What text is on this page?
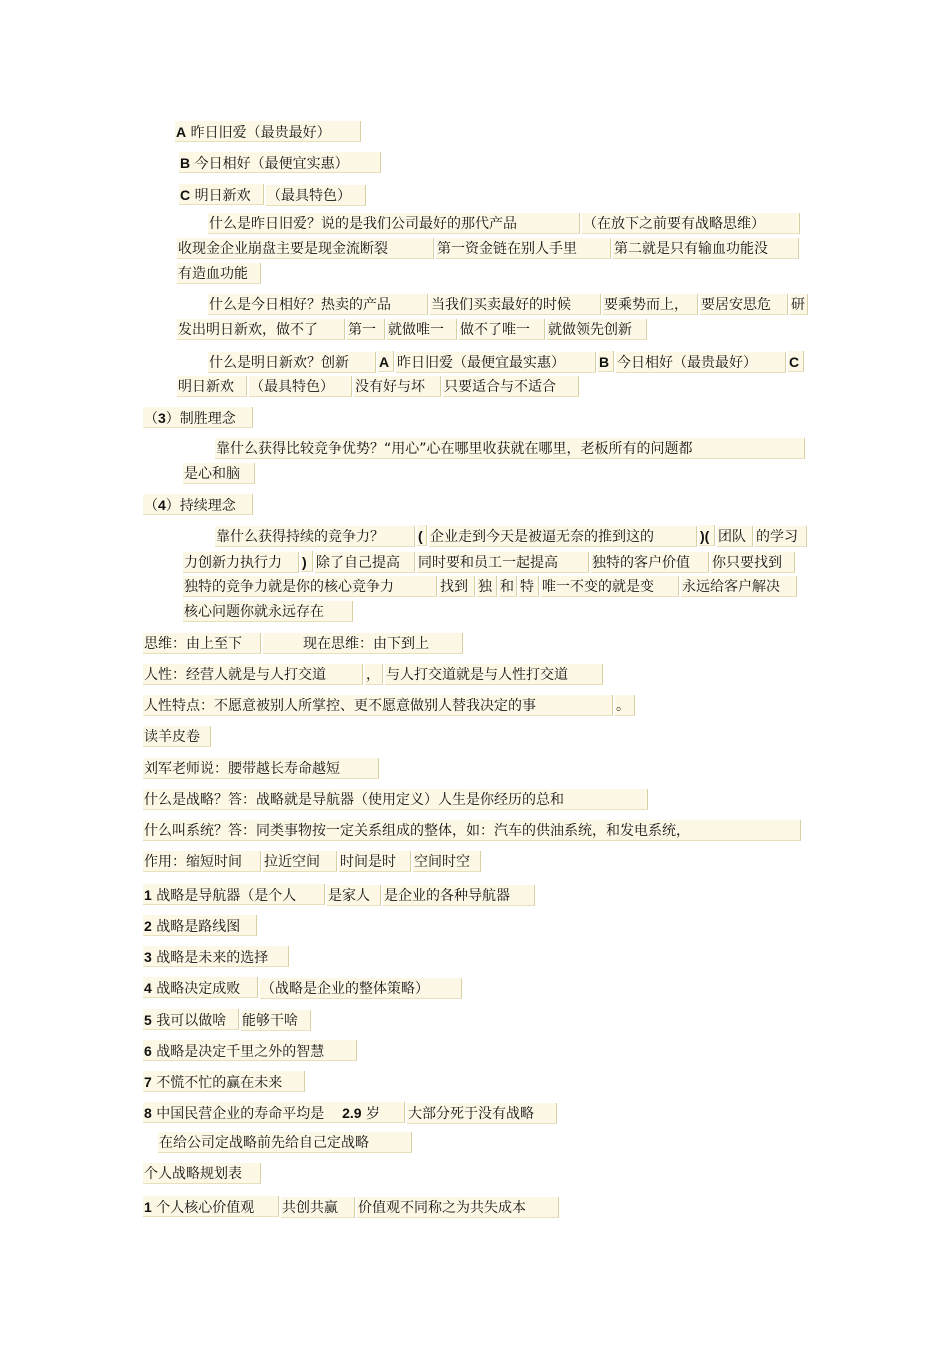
A 昨日旧爱（最贵最好）
B 今日相好（最便宜实惠）
C 明日新欢 （最具特色）
什么是昨日旧爱？说的是我们公司最好的那代产品	（在放下之前要有战略思维）
收现金企业崩盘主要是现金流断裂	第一资金链在别人手里	第二就是只有输血功能没
有造血功能
什么是今日相好？热卖的产品	当我们买卖最好的时候 要乘势而上， 要居安思危 研
发出明日新欢，做不了 第一 就做唯一 做不了唯一 就做领先创新
什么是明日新欢？创新 A 昨日旧爱（最便宜最实惠） B 今日相好（最贵最好） C
明日新欢 （最具特色） 没有好与坏 只要适合与不适合
（3）制胜理念
靠什么获得比较竞争优势？“用心”心在哪里收获就在哪里，老板所有的问题都
是心和脑
（4）持续理念
靠什么获得持续的竞争力？ ( 企业走到今天是被逼无奈的推到这的	)( 团队 的学习
力创新力执行力 ) 除了自己提高 同时要和员工一起提高 独特的客户价值 你只要找到
独特的竞争力就是你的核心竞争力	找到 独 和 特 唯一不变的就是变 永远给客户解决
核心问题你就永远存在
思维：由上至下	现在思维：由下到上
人性：经营人就是与人打交道	， 与人打交道就是与人性打交道
人性特点：不愿意被别人所掌控、更不愿意做别人替我决定的事	。
读羊皮卷
刘军老师说：腰带越长寿命越短
什么是战略？答：战略就是导航器（使用定义）人生是你经历的总和
什么叫系统？答：同类事物按一定关系组成的整体，如：汽车的供油系统，和发电系统，
作用：缩短时间 拉近空间 时间是时 空间时空
1 战略是导航器（是个人 是家人 是企业的各种导航器
2 战略是路线图
3 战略是未来的选择
4 战略决定成败 （战略是企业的整体策略）
5 我可以做啥 能够干啥
6 战略是决定千里之外的智慧
7 不慌不忙的赢在未来
8 中国民营企业的寿命平均是 2.9 岁 大部分死于没有战略
在给公司定战略前先给自己定战略
个人战略规划表
1 个人核心价值观 共创共赢 价值观不同称之为共失成本
